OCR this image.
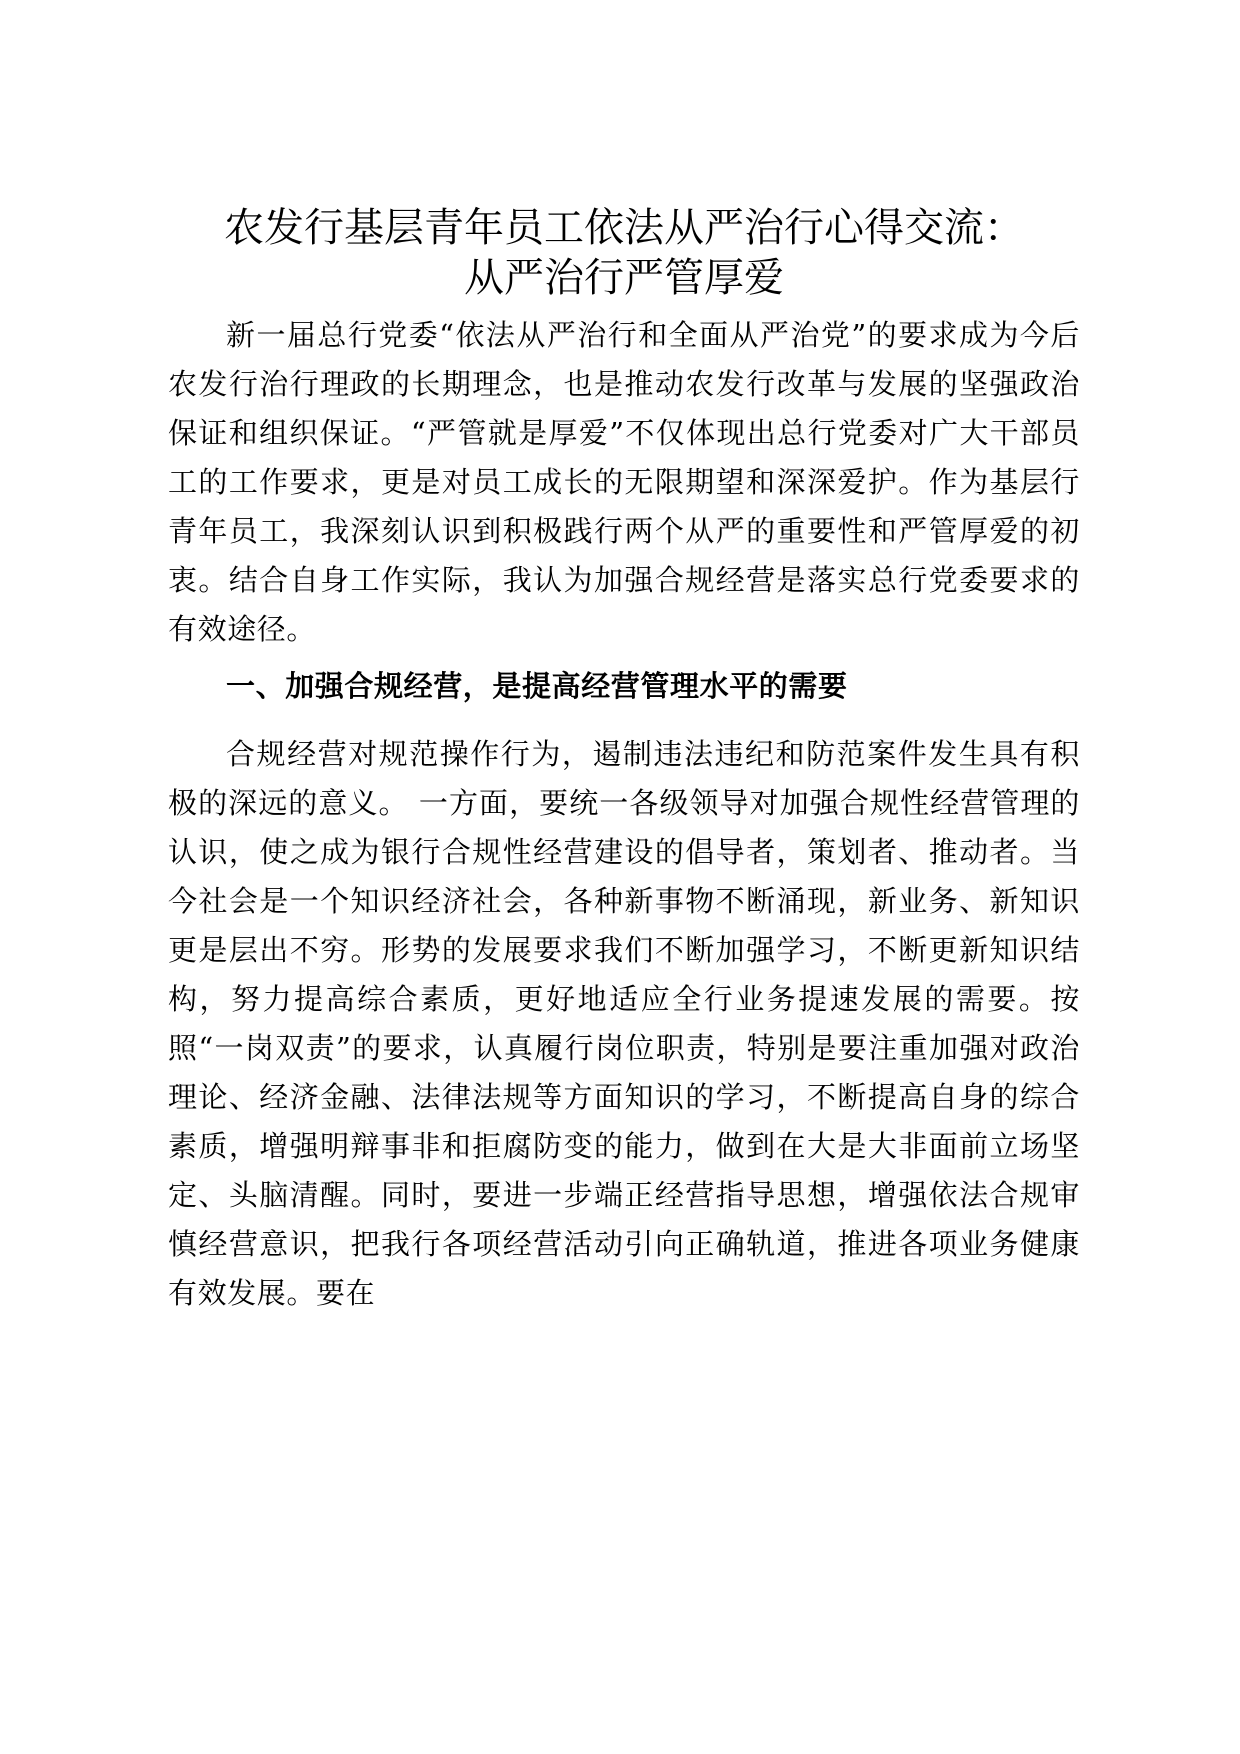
农发行基层青年员工依法从严治行心得交流：
从严治行严管厚爱

新一届总行党委“依法从严治行和全面从严治党”的要求成为今后农发行治行理政的长期理念，也是推动农发行改革与发展的坚强政治保证和组织保证。“严管就是厚爱”不仅体现出总行党委对广大干部员工的工作要求，更是对员工成长的无限期望和深深爱护。作为基层行青年员工，我深刻认识到积极践行两个从严的重要性和严管厚爱的初衷。结合自身工作实际，我认为加强合规经营是落实总行党委要求的有效途径。

一、加强合规经营，是提高经营管理水平的需要

合规经营对规范操作行为，遏制违法违纪和防范案件发生具有积极的深远的意义。 一方面，要统一各级领导对加强合规性经营管理的认识，使之成为银行合规性经营建设的倡导者，策划者、推动者。当今社会是一个知识经济社会，各种新事物不断涌现，新业务、新知识更是层出不穷。形势的发展要求我们不断加强学习，不断更新知识结构，努力提高综合素质，更好地适应全行业务提速发展的需要。按照“一岗双责”的要求，认真履行岗位职责，特别是要注重加强对政治理论、经济金融、法律法规等方面知识的学习，不断提高自身的综合素质，增强明辩事非和拒腐防变的能力，做到在大是大非面前立场坚定、头脑清醒。同时，要进一步端正经营指导思想，增强依法合规审慎经营意识，把我行各项经营活动引向正确轨道，推进各项业务健康有效发展。要在
